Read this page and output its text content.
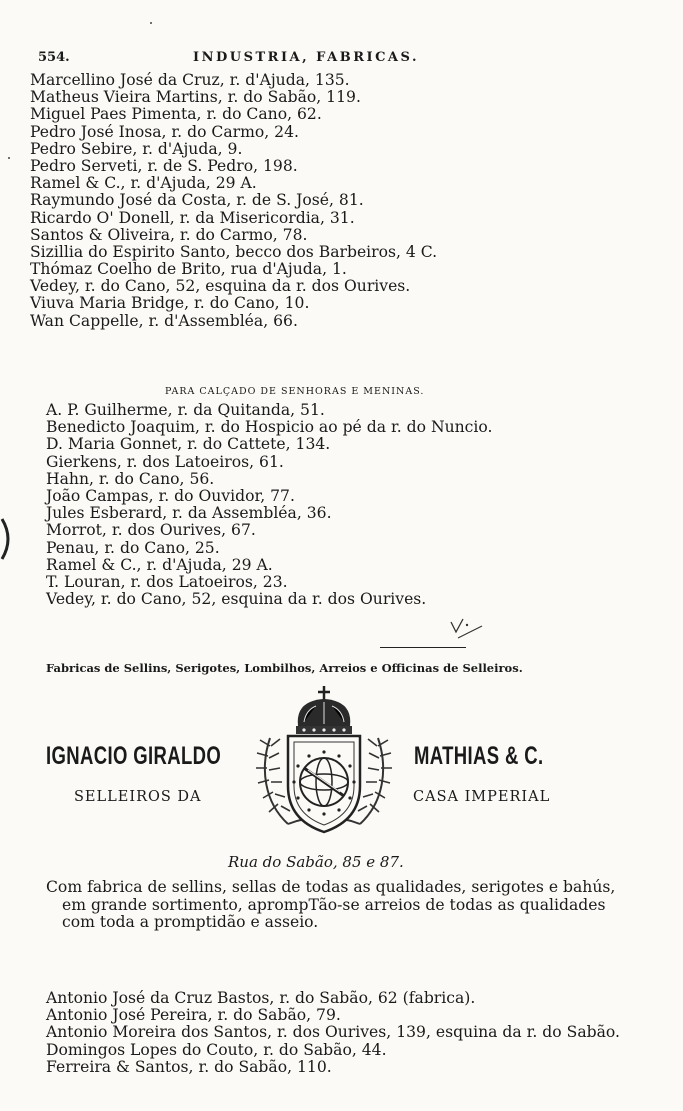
554.	INDUSTRIA, FABRICAS.
Marcellino José da Cruz, r. d'Ajuda, 135.
Matheus Vieira Martins, r. do Sabão, 119.
Miguel Paes Pimenta, r. do Cano, 62.
Pedro José Inosa, r. do Carmo, 24.
Pedro Sebire, r. d'Ajuda, 9.
Pedro Serveti, r. de S. Pedro, 198.
Ramel & C., r. d'Ajuda, 29 A.
Raymundo José da Costa, r. de S. José, 81.
Ricardo O' Donell, r. da Misericordia, 31.
Santos & Oliveira, r. do Carmo, 78.
Sizillia do Espirito Santo, becco dos Barbeiros, 4 C.
Thómaz Coelho de Brito, rua d'Ajuda, 1.
Vedey, r. do Cano, 52, esquina da r. dos Ourives.
Viuva Maria Bridge, r. do Cano, 10.
Wan Cappelle, r. d'Assembléa, 66.
PARA CALÇADO DE SENHORAS E MENINAS.
A. P. Guilherme, r. da Quitanda, 51.
Benedicto Joaquim, r. do Hospicio ao pé da r. do Nuncio.
D. Maria Gonnet, r. do Cattete, 134.
Gierkens, r. dos Latoeiros, 61.
Hahn, r. do Cano, 56.
João Campas, r. do Ouvidor, 77.
Jules Esberard, r. da Assembléa, 36.
Morrot, r. dos Ourives, 67.
Penau, r. do Cano, 25.
Ramel & C., r. d'Ajuda, 29 A.
T. Louran, r. dos Latoeiros, 23.
Vedey, r. do Cano, 52, esquina da r. dos Ourives.
Fabricas de Sellins, Serigotes, Lombilhos, Arreios e Officinas de Selleiros.
IGNACIO GIRALDO	MATHIAS & C.
SELLEIROS DA	CASA IMPERIAL
Rua do Sabão, 85 e 87.
Com fabrica de sellins, sellas de todas as qualidades, serigotes e bahús,
em grande sortimento, aprompTão-se arreios de todas as qualidades
com toda a promptidão e asseio.
Antonio José da Cruz Bastos, r. do Sabão, 62 (fabrica).
Antonio José Pereira, r. do Sabão, 79.
Antonio Moreira dos Santos, r. dos Ourives, 139, esquina da r. do Sabão.
Domingos Lopes do Couto, r. do Sabão, 44.
Ferreira & Santos, r. do Sabão, 110.
